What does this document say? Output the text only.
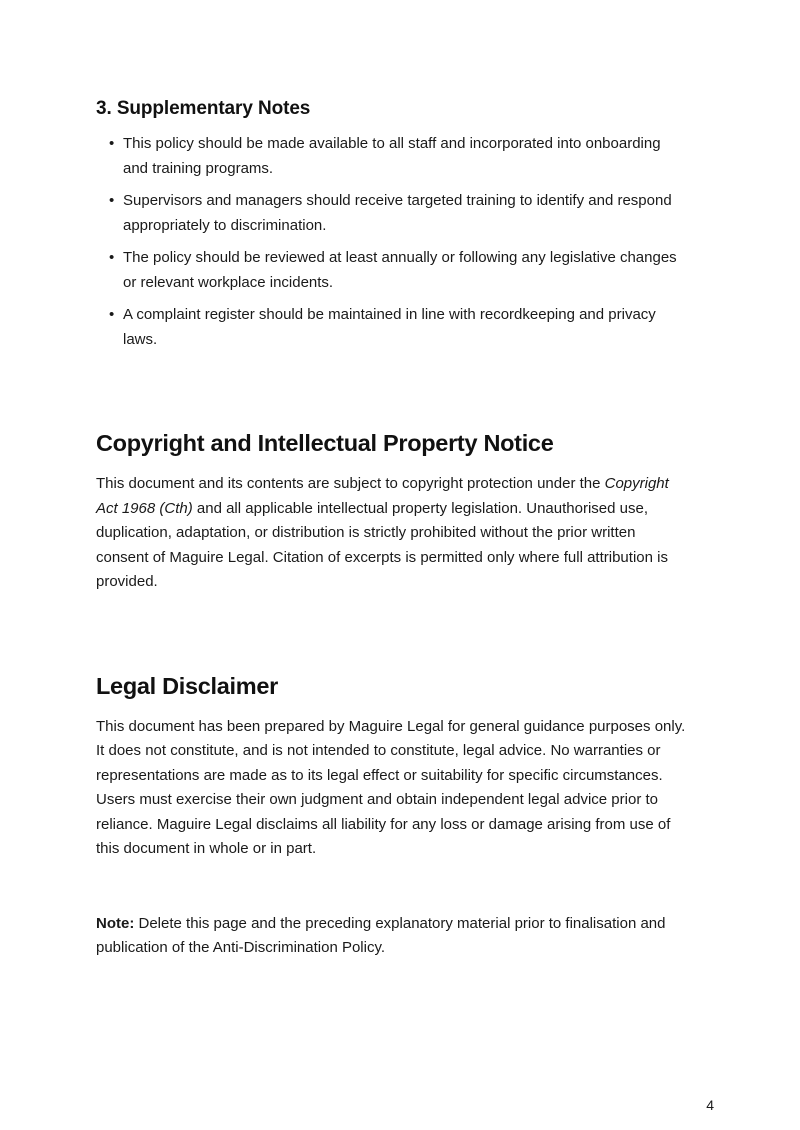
3. Supplementary Notes
• This policy should be made available to all staff and incorporated into onboarding and training programs.
• Supervisors and managers should receive targeted training to identify and respond appropriately to discrimination.
• The policy should be reviewed at least annually or following any legislative changes or relevant workplace incidents.
• A complaint register should be maintained in line with recordkeeping and privacy laws.
Copyright and Intellectual Property Notice

This document and its contents are subject to copyright protection under the Copyright Act 1968 (Cth) and all applicable intellectual property legislation. Unauthorised use, duplication, adaptation, or distribution is strictly prohibited without the prior written consent of Maguire Legal. Citation of excerpts is permitted only where full attribution is provided.

Legal Disclaimer

This document has been prepared by Maguire Legal for general guidance purposes only. It does not constitute, and is not intended to constitute, legal advice. No warranties or representations are made as to its legal effect or suitability for specific circumstances. Users must exercise their own judgment and obtain independent legal advice prior to reliance. Maguire Legal disclaims all liability for any loss or damage arising from use of this document in whole or in part.

Note: Delete this page and the preceding explanatory material prior to finalisation and publication of the Anti-Discrimination Policy.

4
